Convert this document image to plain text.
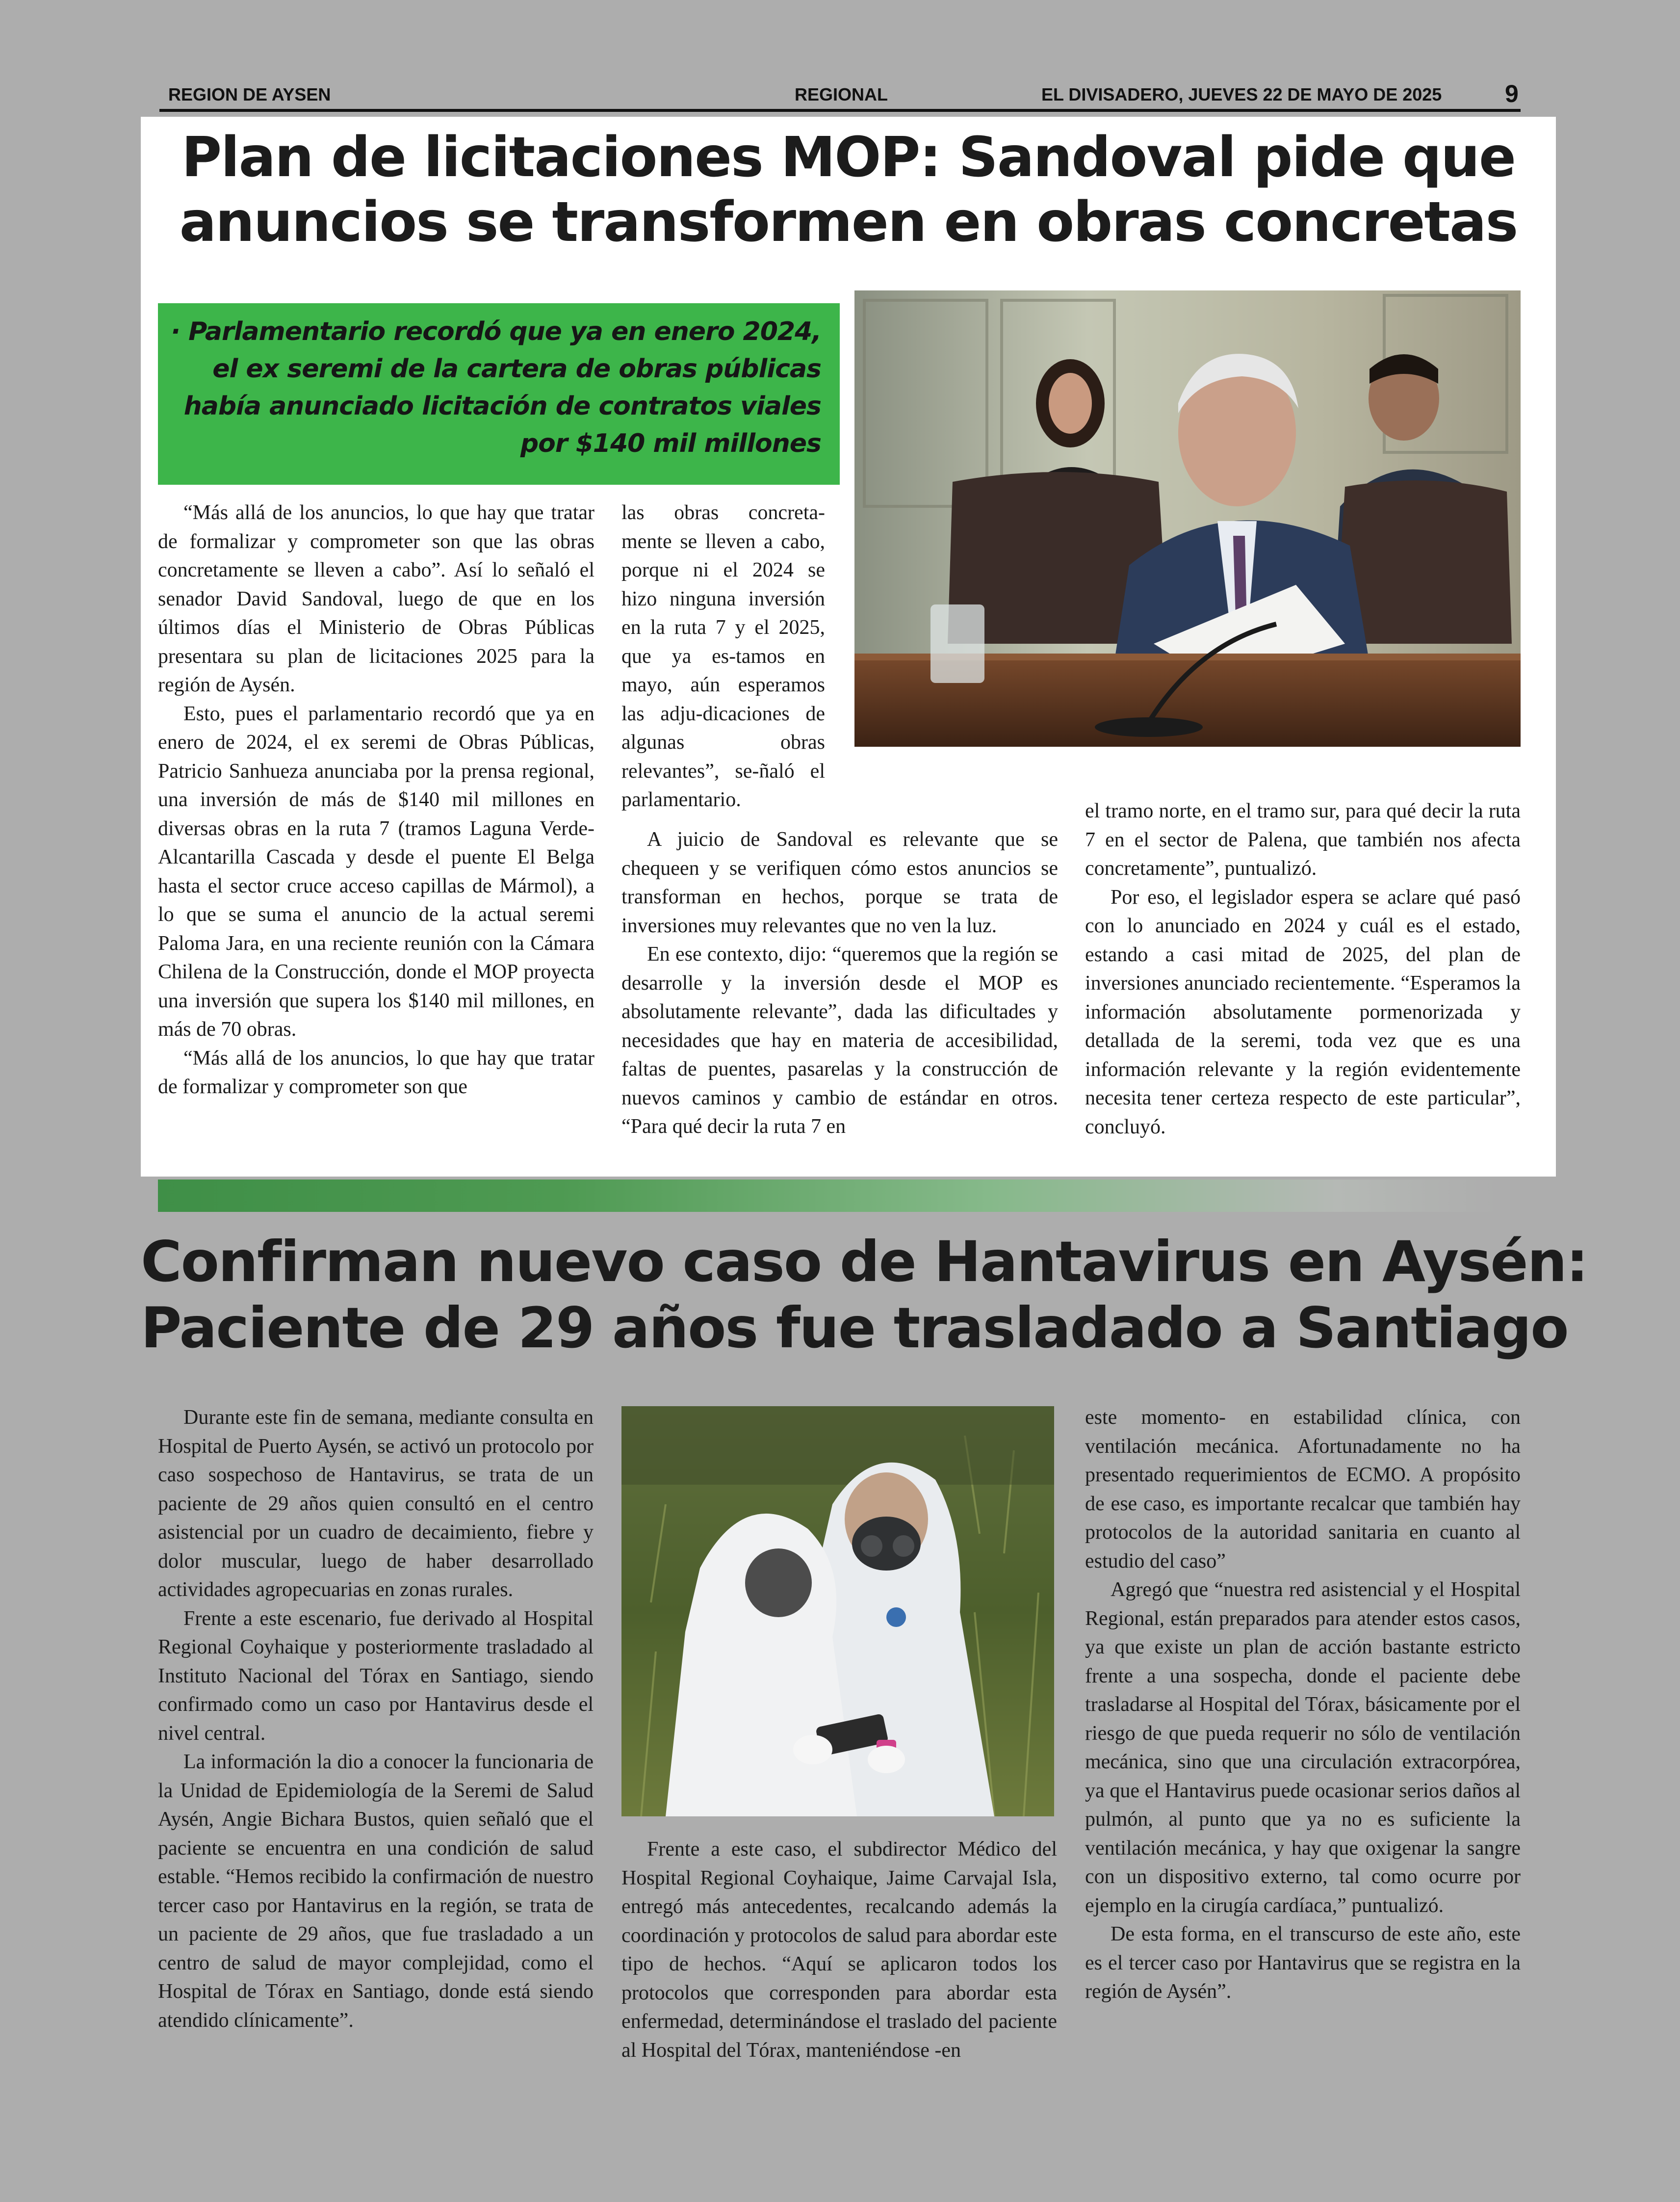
REGION DE AYSEN	REGIONAL	EL DIVISADERO, JUEVES 22 DE MAYO DE 2025	9
Plan de licitaciones MOP: Sandoval pide que
anuncios se transformen en obras concretas
· Parlamentario recordó que ya en enero 2024, el ex seremi de la cartera de obras públicas había anunciado licitación de contratos viales por $140 mil millones

“Más allá de los anuncios, lo que hay que tratar de formalizar y comprometer son que las obras concretamente se lleven a cabo”. Así lo señaló el senador David Sandoval, luego de que en los últimos días el Ministerio de Obras Públicas presentara su plan de licitaciones 2025 para la región de Aysén.

Esto, pues el parlamentario recordó que ya en enero de 2024, el ex seremi de Obras Públicas, Patricio Sanhueza anunciaba por la prensa regional, una inversión de más de $140 mil millones en diversas obras en la ruta 7 (tramos Laguna Verde-Alcantarilla Cascada y desde el puente El Belga hasta el sector cruce acceso capillas de Mármol), a lo que se suma el anuncio de la actual seremi Paloma Jara, en una reciente reunión con la Cámara Chilena de la Construcción, donde el MOP proyecta una inversión que supera los $140 mil millones, en más de 70 obras.

“Más allá de los anuncios, lo que hay que tratar de formalizar y comprometer son que

las obras concreta-mente se lleven a cabo, porque ni el 2024 se hizo ninguna inversión en la ruta 7 y el 2025, que ya es-tamos en mayo, aún esperamos las adju-dicaciones de algunas obras relevantes”, se-ñaló el parlamentario.

A juicio de Sandoval es relevante que se chequeen y se verifiquen cómo estos anuncios se transforman en hechos, porque se trata de inversiones muy relevantes que no ven la luz.

En ese contexto, dijo: “queremos que la región se desarrolle y la inversión desde el MOP es absolutamente relevante”, dada las dificultades y necesidades que hay en materia de accesibilidad, faltas de puentes, pasarelas y la construcción de nuevos caminos y cambio de estándar en otros. “Para qué decir la ruta 7 en

el tramo norte, en el tramo sur, para qué decir la ruta 7 en el sector de Palena, que también nos afecta concretamente”, puntualizó.

Por eso, el legislador espera se aclare qué pasó con lo anunciado en 2024 y cuál es el estado, estando a casi mitad de 2025, del plan de inversiones anunciado recientemente. “Esperamos la información absolutamente pormenorizada y detallada de la seremi, toda vez que es una información relevante y la región evidentemente necesita tener certeza respecto de este particular”, concluyó.

Confirman nuevo caso de Hantavirus en Aysén:
Paciente de 29 años fue trasladado a Santiago

Durante este fin de semana, mediante consulta en Hospital de Puerto Aysén, se activó un protocolo por caso sospechoso de Hantavirus, se trata de un paciente de 29 años quien consultó en el centro asistencial por un cuadro de decaimiento, fiebre y dolor muscular, luego de haber desarrollado actividades agropecuarias en zonas rurales.

Frente a este escenario, fue derivado al Hospital Regional Coyhaique y posteriormente trasladado al Instituto Nacional del Tórax en Santiago, siendo confirmado como un caso por Hantavirus desde el nivel central.

La información la dio a conocer la funcionaria de la Unidad de Epidemiología de la Seremi de Salud Aysén, Angie Bichara Bustos, quien señaló que el paciente se encuentra en una condición de salud estable. “Hemos recibido la confirmación de nuestro tercer caso por Hantavirus en la región, se trata de un paciente de 29 años, que fue trasladado a un centro de salud de mayor complejidad, como el Hospital de Tórax en Santiago, donde está siendo atendido clínicamente”.

Frente a este caso, el subdirector Médico del Hospital Regional Coyhaique, Jaime Carvajal Isla, entregó más antecedentes, recalcando además la coordinación y protocolos de salud para abordar este tipo de hechos. “Aquí se aplicaron todos los protocolos que corresponden para abordar esta enfermedad, determinándose el traslado del paciente al Hospital del Tórax, manteniéndose -en

este momento- en estabilidad clínica, con ventilación mecánica. Afortunadamente no ha presentado requerimientos de ECMO. A propósito de ese caso, es importante recalcar que también hay protocolos de la autoridad sanitaria en cuanto al estudio del caso”

Agregó que “nuestra red asistencial y el Hospital Regional, están preparados para atender estos casos, ya que existe un plan de acción bastante estricto frente a una sospecha, donde el paciente debe trasladarse al Hospital del Tórax, básicamente por el riesgo de que pueda requerir no sólo de ventilación mecánica, sino que una circulación extracorpórea, ya que el Hantavirus puede ocasionar serios daños al pulmón, al punto que ya no es suficiente la ventilación mecánica, y hay que oxigenar la sangre con un dispositivo externo, tal como ocurre por ejemplo en la cirugía cardíaca,” puntualizó.

De esta forma, en el transcurso de este año, este es el tercer caso por Hantavirus que se registra en la región de Aysén”.
